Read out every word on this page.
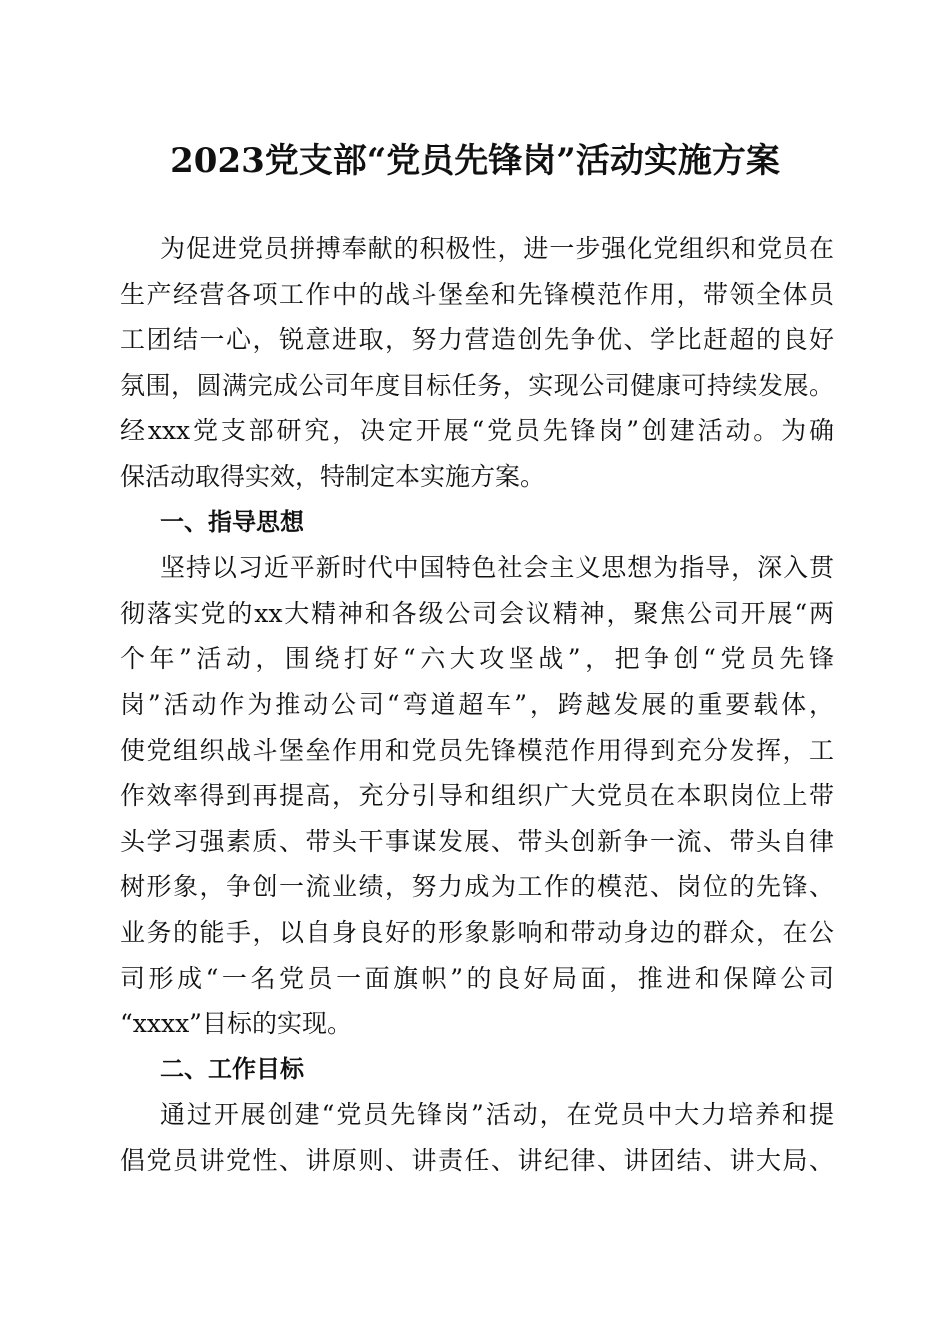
2023党支部“党员先锋岗”活动实施方案
为促进党员拼搏奉献的积极性，进一步强化党组织和党员在
生产经营各项工作中的战斗堡垒和先锋模范作用，带领全体员
工团结一心，锐意进取，努力营造创先争优、学比赶超的良好
氛围，圆满完成公司年度目标任务，实现公司健康可持续发展。
经xxx党支部研究，决定开展“党员先锋岗”创建活动。为确
保活动取得实效，特制定本实施方案。
一、指导思想
坚持以习近平新时代中国特色社会主义思想为指导，深入贯
彻落实党的xx大精神和各级公司会议精神，聚焦公司开展“两
个年”活动，围绕打好“六大攻坚战”，把争创“党员先锋
岗”活动作为推动公司“弯道超车”，跨越发展的重要载体，
使党组织战斗堡垒作用和党员先锋模范作用得到充分发挥，工
作效率得到再提高，充分引导和组织广大党员在本职岗位上带
头学习强素质、带头干事谋发展、带头创新争一流、带头自律
树形象，争创一流业绩，努力成为工作的模范、岗位的先锋、
业务的能手，以自身良好的形象影响和带动身边的群众，在公
司形成“一名党员一面旗帜”的良好局面，推进和保障公司
“xxxx”目标的实现。
二、工作目标
通过开展创建“党员先锋岗”活动，在党员中大力培养和提
倡党员讲党性、讲原则、讲责任、讲纪律、讲团结、讲大局、
